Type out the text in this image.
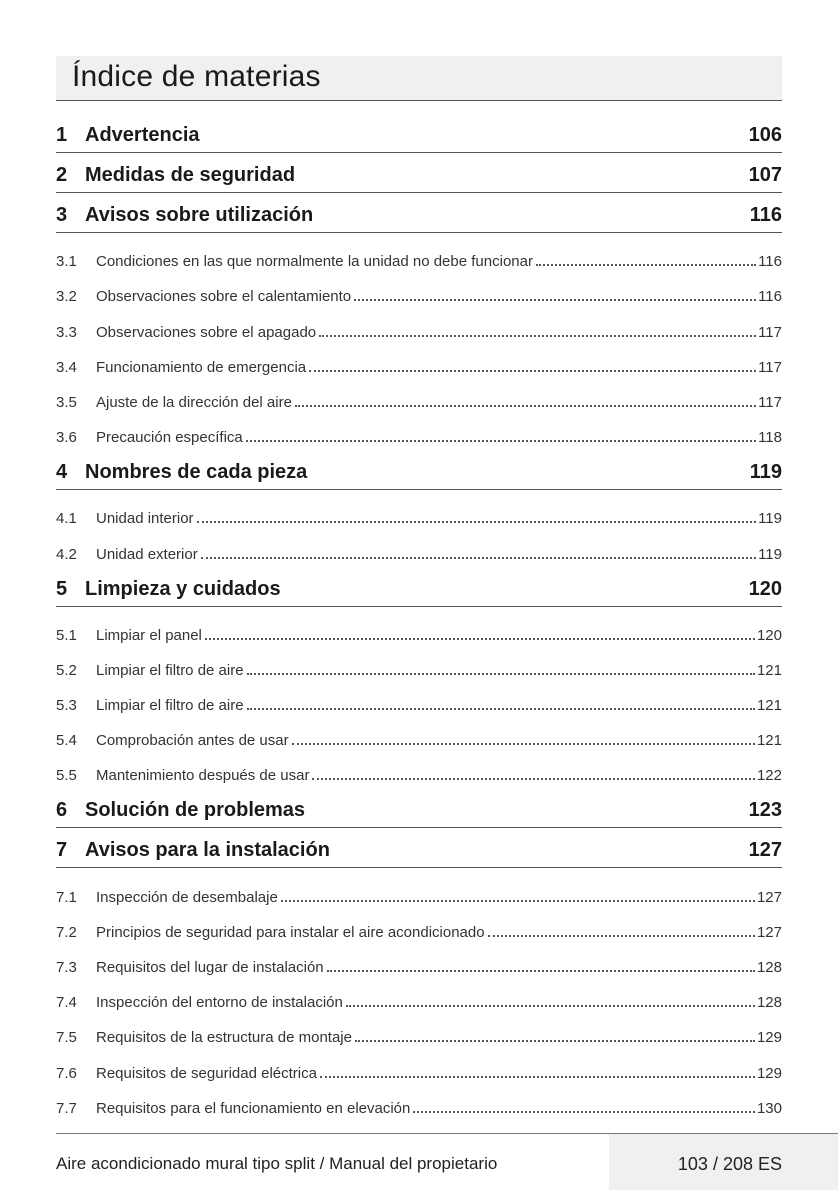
Índice de materias
1 Advertencia	106
2 Medidas de seguridad	107
3 Avisos sobre utilización	116
3.1	Condiciones en las que normalmente la unidad no debe funcionar	116
3.2	Observaciones sobre el calentamiento	116
3.3	Observaciones sobre el apagado	117
3.4	Funcionamiento de emergencia	117
3.5	Ajuste de la dirección del aire	117
3.6	Precaución específica	118
4 Nombres de cada pieza	119
4.1	Unidad interior	119
4.2	Unidad exterior	119
5 Limpieza y cuidados	120
5.1	Limpiar el panel	120
5.2	Limpiar el filtro de aire	121
5.3	Limpiar el filtro de aire	121
5.4	Comprobación antes de usar	121
5.5	Mantenimiento después de usar	122
6 Solución de problemas	123
7 Avisos para la instalación	127
7.1	Inspección de desembalaje	127
7.2	Principios de seguridad para instalar el aire acondicionado	127
7.3	Requisitos del lugar de instalación	128
7.4	Inspección del entorno de instalación	128
7.5	Requisitos de la estructura de montaje	129
7.6	Requisitos de seguridad eléctrica	129
7.7	Requisitos para el funcionamiento en elevación	130
Aire acondicionado mural tipo split / Manual del propietario	103 / 208 ES
